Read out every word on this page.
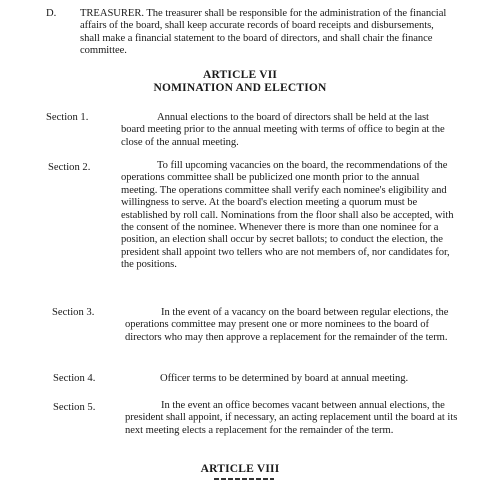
D. TREASURER. The treasurer shall be responsible for the administration of the financial affairs of the board, shall keep accurate records of board receipts and disbursements, shall make a financial statement to the board of directors, and shall chair the finance committee.
ARTICLE VII
NOMINATION AND ELECTION
Section 1.	Annual elections to the board of directors shall be held at the last board meeting prior to the annual meeting with terms of office to begin at the close of the annual meeting.
Section 2.	To fill upcoming vacancies on the board, the recommendations of the operations committee shall be publicized one month prior to the annual meeting. The operations committee shall verify each nominee's eligibility and willingness to serve. At the board's election meeting a quorum must be established by roll call. Nominations from the floor shall also be accepted, with the consent of the nominee. Whenever there is more than one nominee for a position, an election shall occur by secret ballots; to conduct the election, the president shall appoint two tellers who are not members of, nor candidates for, the positions.
Section 3.	In the event of a vacancy on the board between regular elections, the operations committee may present one or more nominees to the board of directors who may then approve a replacement for the remainder of the term.
Section 4.	Officer terms to be determined by board at annual meeting.
Section 5.	In the event an office becomes vacant between annual elections, the president shall appoint, if necessary, an acting replacement until the board at its next meeting elects a replacement for the remainder of the term.
ARTICLE VIII
